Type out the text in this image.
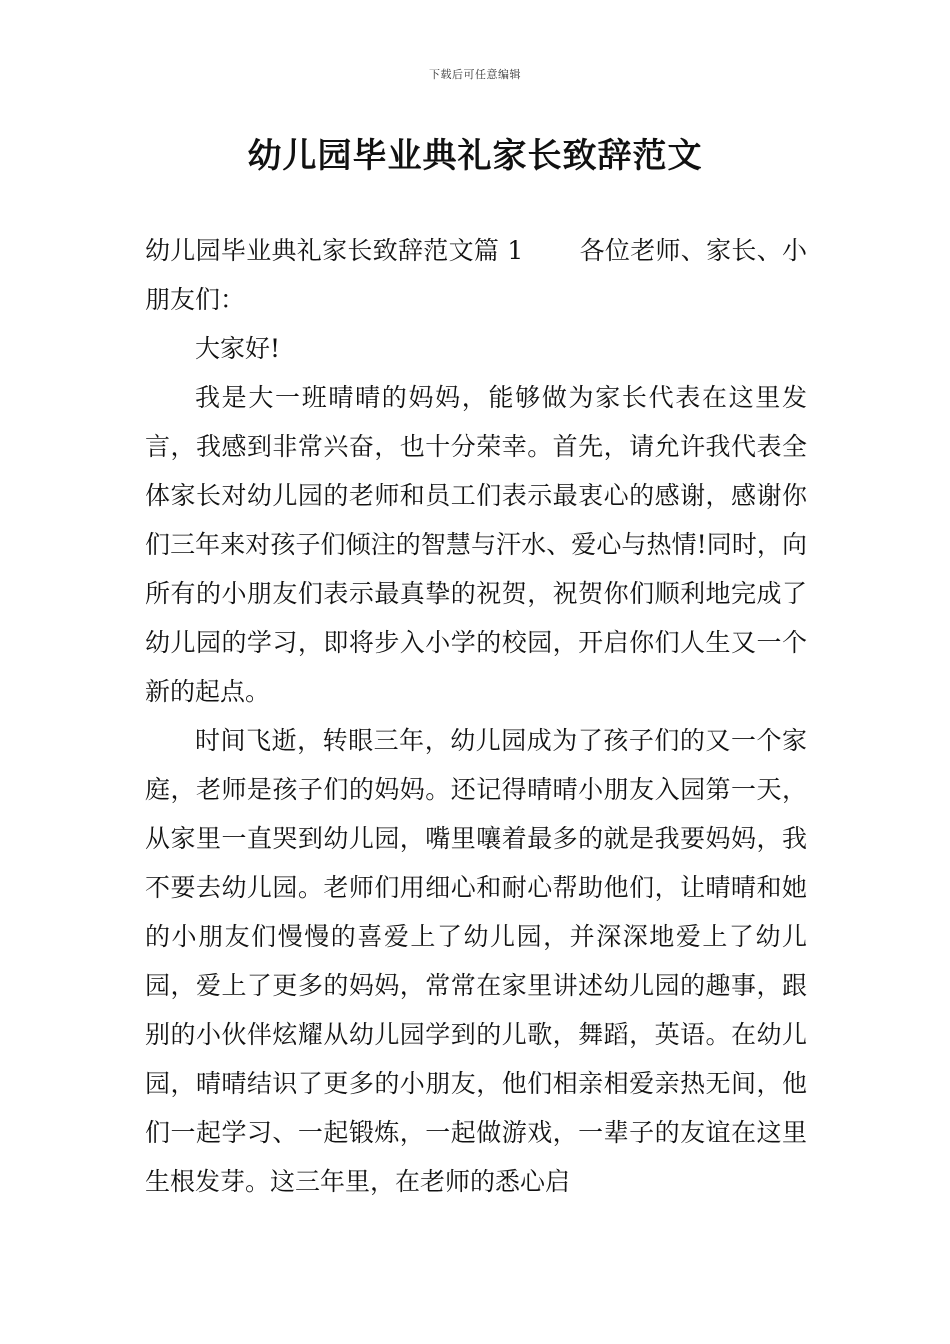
下载后可任意编辑
幼儿园毕业典礼家长致辞范文

幼儿园毕业典礼家长致辞范文篇 1 各位老师、家长、小朋友们：

大家好!

我是大一班晴晴的妈妈，能够做为家长代表在这里发言，我感到非常兴奋，也十分荣幸。首先，请允许我代表全体家长对幼儿园的老师和员工们表示最衷心的感谢，感谢你们三年来对孩子们倾注的智慧与汗水、爱心与热情!同时，向所有的小朋友们表示最真挚的祝贺，祝贺你们顺利地完成了幼儿园的学习，即将步入小学的校园，开启你们人生又一个新的起点。

时间飞逝，转眼三年，幼儿园成为了孩子们的又一个家庭，老师是孩子们的妈妈。还记得晴晴小朋友入园第一天，从家里一直哭到幼儿园，嘴里嚷着最多的就是我要妈妈，我不要去幼儿园。老师们用细心和耐心帮助他们，让晴晴和她的小朋友们慢慢的喜爱上了幼儿园，并深深地爱上了幼儿园，爱上了更多的妈妈，常常在家里讲述幼儿园的趣事，跟别的小伙伴炫耀从幼儿园学到的儿歌，舞蹈，英语。在幼儿园，晴晴结识了更多的小朋友，他们相亲相爱亲热无间，他们一起学习、一起锻炼，一起做游戏，一辈子的友谊在这里生根发芽。这三年里，在老师的悉心启
